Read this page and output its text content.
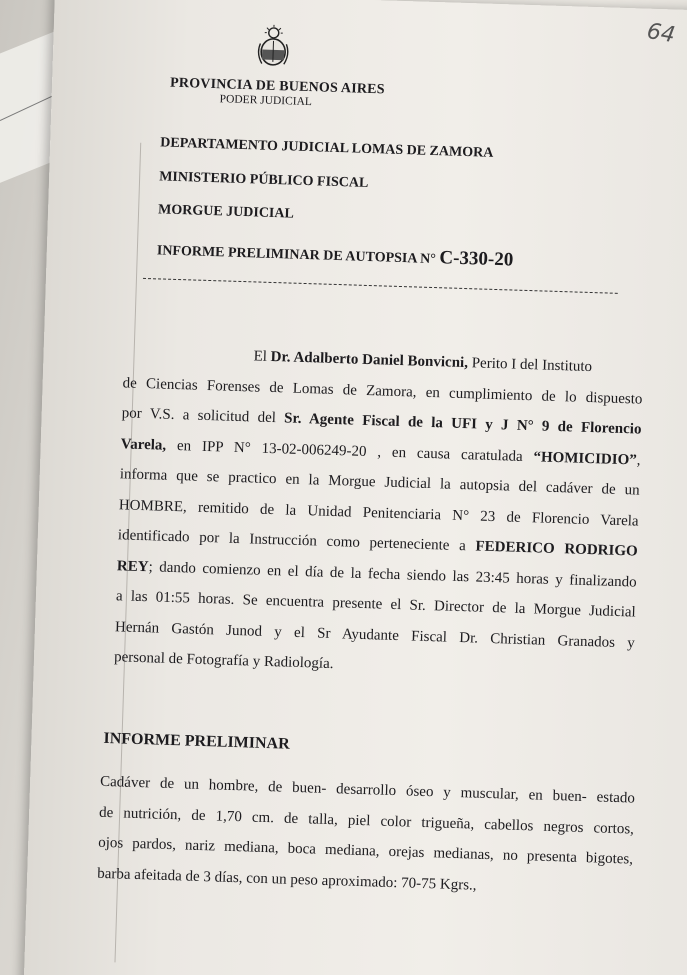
64
PROVINCIA DE BUENOS AIRES
PODER JUDICIAL
DEPARTAMENTO JUDICIAL LOMAS DE ZAMORA
MINISTERIO PÚBLICO FISCAL
MORGUE JUDICIAL
INFORME PRELIMINAR DE AUTOPSIA N° C-330-20
El Dr. Adalberto Daniel Bonvicni, Perito I del Instituto
de Ciencias Forenses de Lomas de Zamora, en cumplimiento de lo dispuesto
por V.S. a solicitud del Sr. Agente Fiscal de la UFI y J N° 9 de Florencio
Varela, en IPP N° 13-02-006249-20 , en causa caratulada “HOMICIDIO”,
informa que se practico en la Morgue Judicial la autopsia del cadáver de un
HOMBRE, remitido de la Unidad Penitenciaria N° 23 de Florencio Varela
identificado por la Instrucción como perteneciente a FEDERICO RODRIGO
REY; dando comienzo en el día de la fecha siendo las 23:45 horas y finalizando
a las 01:55 horas. Se encuentra presente el Sr. Director de la Morgue Judicial
Hernán Gastón Junod y el Sr Ayudante Fiscal Dr. Christian Granados y
personal de Fotografía y Radiología.
INFORME PRELIMINAR
Cadáver de un hombre, de buen- desarrollo óseo y muscular, en buen- estado
de nutrición, de 1,70 cm. de talla, piel color trigueña, cabellos negros cortos,
ojos pardos, nariz mediana, boca mediana, orejas medianas, no presenta bigotes,
barba afeitada de 3 días, con un peso aproximado: 70-75 Kgrs.,
